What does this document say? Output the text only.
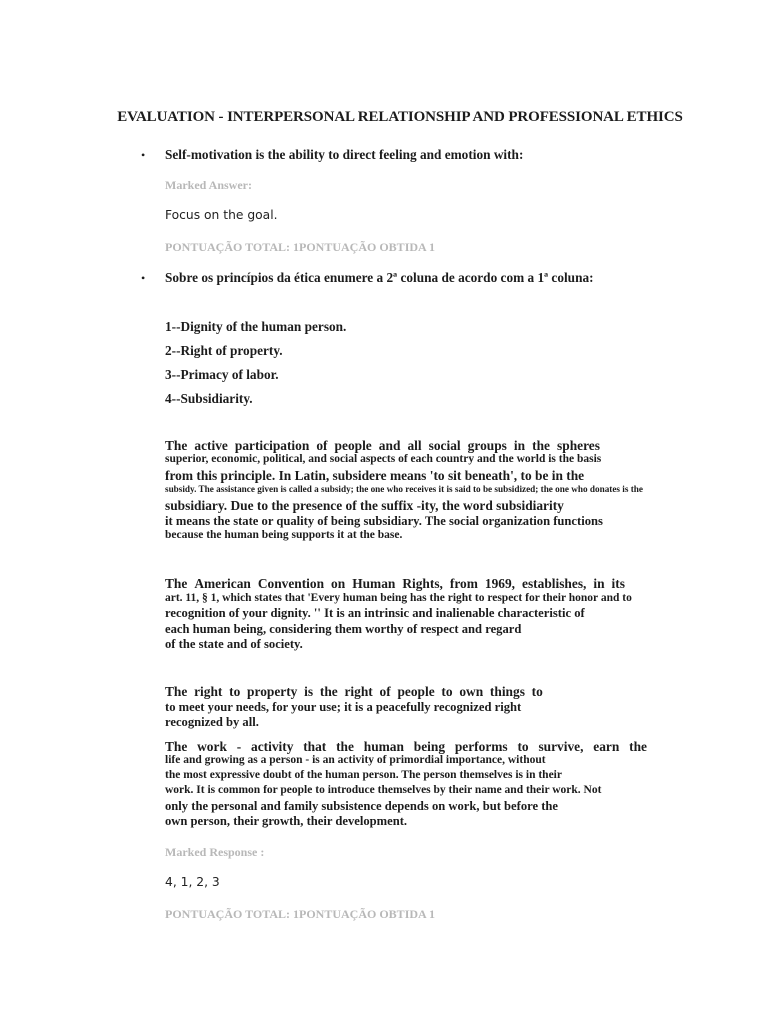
EVALUATION - INTERPERSONAL RELATIONSHIP AND PROFESSIONAL ETHICS
• Self-motivation is the ability to direct feeling and emotion with:
Marked Answer:
Focus on the goal.
PONTUAÇÃO TOTAL: 1PONTUAÇÃO OBTIDA 1
• Sobre os princípios da ética enumere a 2ª coluna de acordo com a 1ª coluna:
1--Dignity of the human person.
2--Right of property.
3--Primacy of labor.
4--Subsidiarity.
The active participation of people and all social groups in the spheres
superior, economic, political, and social aspects of each country and the world is the basis
from this principle. In Latin, subsidere means 'to sit beneath', to be in the
subsidy. The assistance given is called a subsidy; the one who receives it is said to be subsidized; the one who donates is the
subsidiary. Due to the presence of the suffix -ity, the word subsidiarity
it means the state or quality of being subsidiary. The social organization functions
because the human being supports it at the base.
The American Convention on Human Rights, from 1969, establishes, in its
art. 11, § 1, which states that 'Every human being has the right to respect for their honor and to
recognition of your dignity. '' It is an intrinsic and inalienable characteristic of
each human being, considering them worthy of respect and regard
of the state and of society.
The right to property is the right of people to own things to
to meet your needs, for your use; it is a peacefully recognized right
recognized by all.
The work - activity that the human being performs to survive, earn the
life and growing as a person - is an activity of primordial importance, without
the most expressive doubt of the human person. The person themselves is in their
work. It is common for people to introduce themselves by their name and their work. Not
only the personal and family subsistence depends on work, but before the
own person, their growth, their development.
Marked Response :
4, 1, 2, 3
PONTUAÇÃO TOTAL: 1PONTUAÇÃO OBTIDA 1
